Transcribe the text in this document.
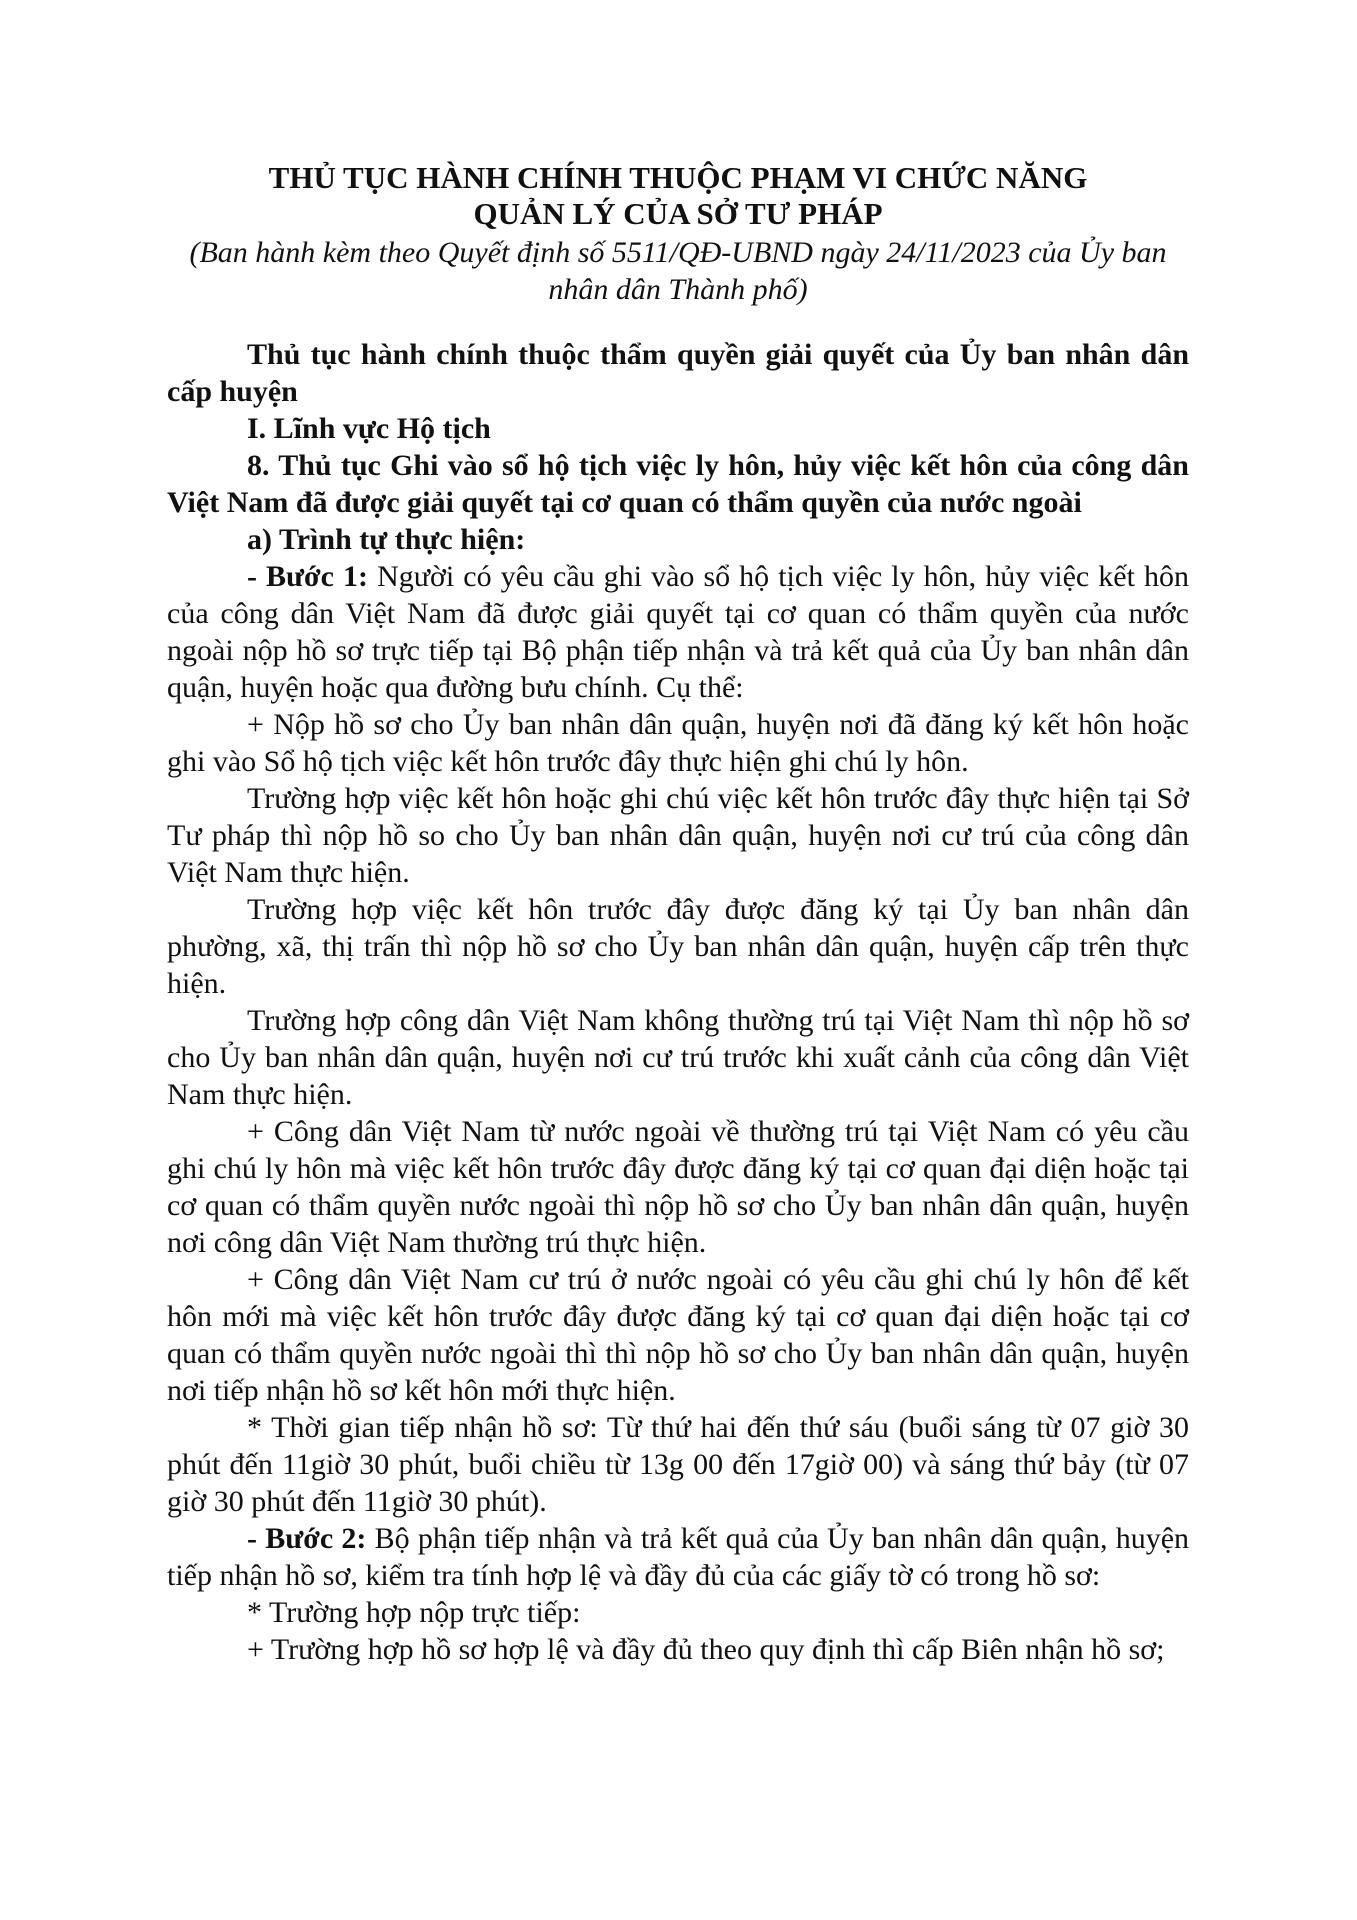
THỦ TỤC HÀNH CHÍNH THUỘC PHẠM VI CHỨC NĂNG

QUẢN LÝ CỦA SỞ TƯ PHÁP

(Ban hành kèm theo Quyết định số 5511/QĐ-UBND ngày 24/11/2023 của Ủy ban nhân dân Thành phố)

Thủ tục hành chính thuộc thẩm quyền giải quyết của Ủy ban nhân dân cấp huyện

I. Lĩnh vực Hộ tịch

8. Thủ tục Ghi vào sổ hộ tịch việc ly hôn, hủy việc kết hôn của công dân Việt Nam đã được giải quyết tại cơ quan có thẩm quyền của nước ngoài

a) Trình tự thực hiện:

- Bước 1: Người có yêu cầu ghi vào sổ hộ tịch việc ly hôn, hủy việc kết hôn của công dân Việt Nam đã được giải quyết tại cơ quan có thẩm quyền của nước ngoài nộp hồ sơ trực tiếp tại Bộ phận tiếp nhận và trả kết quả của Ủy ban nhân dân quận, huyện hoặc qua đường bưu chính. Cụ thể:

+ Nộp hồ sơ cho Ủy ban nhân dân quận, huyện nơi đã đăng ký kết hôn hoặc ghi vào Sổ hộ tịch việc kết hôn trước đây thực hiện ghi chú ly hôn.

Trường hợp việc kết hôn hoặc ghi chú việc kết hôn trước đây thực hiện tại Sở Tư pháp thì nộp hồ so cho Ủy ban nhân dân quận, huyện nơi cư trú của công dân Việt Nam thực hiện.

Trường hợp việc kết hôn trước đây được đăng ký tại Ủy ban nhân dân phường, xã, thị trấn thì nộp hồ sơ cho Ủy ban nhân dân quận, huyện cấp trên thực hiện.

Trường hợp công dân Việt Nam không thường trú tại Việt Nam thì nộp hồ sơ cho Ủy ban nhân dân quận, huyện nơi cư trú trước khi xuất cảnh của công dân Việt Nam thực hiện.

+ Công dân Việt Nam từ nước ngoài về thường trú tại Việt Nam có yêu cầu ghi chú ly hôn mà việc kết hôn trước đây được đăng ký tại cơ quan đại diện hoặc tại cơ quan có thẩm quyền nước ngoài thì nộp hồ sơ cho Ủy ban nhân dân quận, huyện nơi công dân Việt Nam thường trú thực hiện.

+ Công dân Việt Nam cư trú ở nước ngoài có yêu cầu ghi chú ly hôn để kết hôn mới mà việc kết hôn trước đây được đăng ký tại cơ quan đại diện hoặc tại cơ quan có thẩm quyền nước ngoài thì thì nộp hồ sơ cho Ủy ban nhân dân quận, huyện nơi tiếp nhận hồ sơ kết hôn mới thực hiện.

* Thời gian tiếp nhận hồ sơ: Từ thứ hai đến thứ sáu (buổi sáng từ 07 giờ 30 phút đến 11giờ 30 phút, buổi chiều từ 13g 00 đến 17giờ 00) và sáng thứ bảy (từ 07 giờ 30 phút đến 11giờ 30 phút).

- Bước 2: Bộ phận tiếp nhận và trả kết quả của Ủy ban nhân dân quận, huyện tiếp nhận hồ sơ, kiểm tra tính hợp lệ và đầy đủ của các giấy tờ có trong hồ sơ:

* Trường hợp nộp trực tiếp:

+ Trường hợp hồ sơ hợp lệ và đầy đủ theo quy định thì cấp Biên nhận hồ sơ;
